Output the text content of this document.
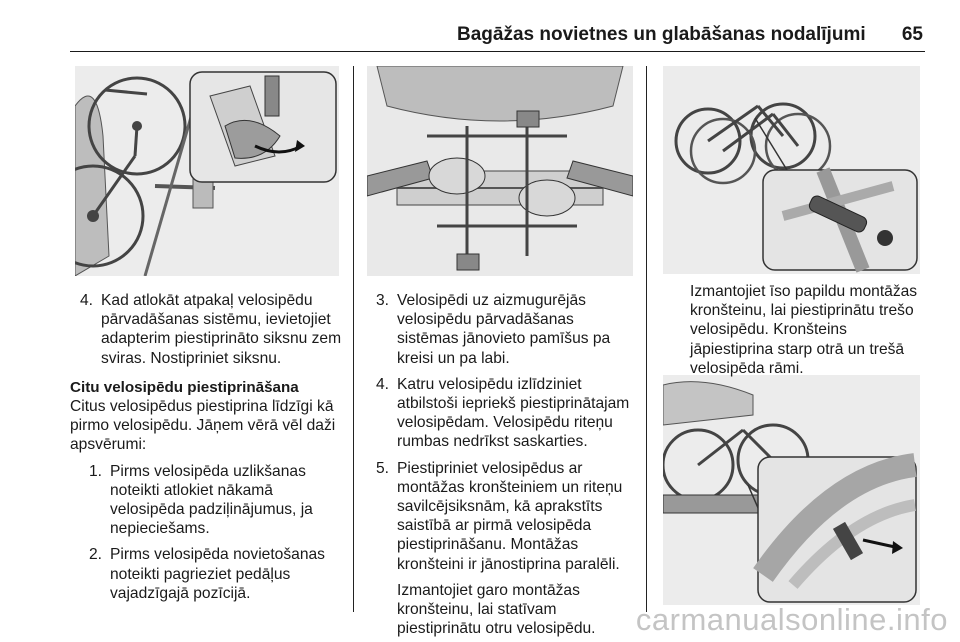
Bagāžas novietnes un glabāšanas nodalījumi 65
4. Kad atlokāt atpakaļ velosipēdu pārvadāšanas sistēmu, ievietojiet adapterim piestiprināto siksnu zem sviras. Nostipriniet siksnu.
Citu velosipēdu piestiprināšana
Citus velosipēdus piestiprina līdzīgi kā pirmo velosipēdu. Jāņem vērā vēl daži apsvērumi:
1. Pirms velosipēda uzlikšanas noteikti atlokiet nākamā velosipēda padziļinājumus, ja nepieciešams.
2. Pirms velosipēda novietošanas noteikti pagrieziet pedāļus vajadzīgajā pozīcijā.
3. Velosipēdi uz aizmugurējās velosipēdu pārvadāšanas sistēmas jānovieto pamīšus pa kreisi un pa labi.
4. Katru velosipēdu izlīdziniet atbilstoši iepriekš piestiprinātajam velosipēdam. Velosipēdu riteņu rumbas nedrīkst saskarties.
5. Piestipriniet velosipēdus ar montāžas kronšteiniem un riteņu savilcējsiksnām, kā aprakstīts saistībā ar pirmā velosipēda piestiprināšanu. Montāžas kronšteini ir jānostiprina paralēli.
Izmantojiet garo montāžas kronšteinu, lai statīvam piestiprinātu otru velosipēdu.
Izmantojiet īso papildu montāžas kronšteinu, lai piestiprinātu trešo velosipēdu. Kronšteins jāpiestiprina starp otrā un trešā velosipēda rāmi.
carmanualsonline.info
